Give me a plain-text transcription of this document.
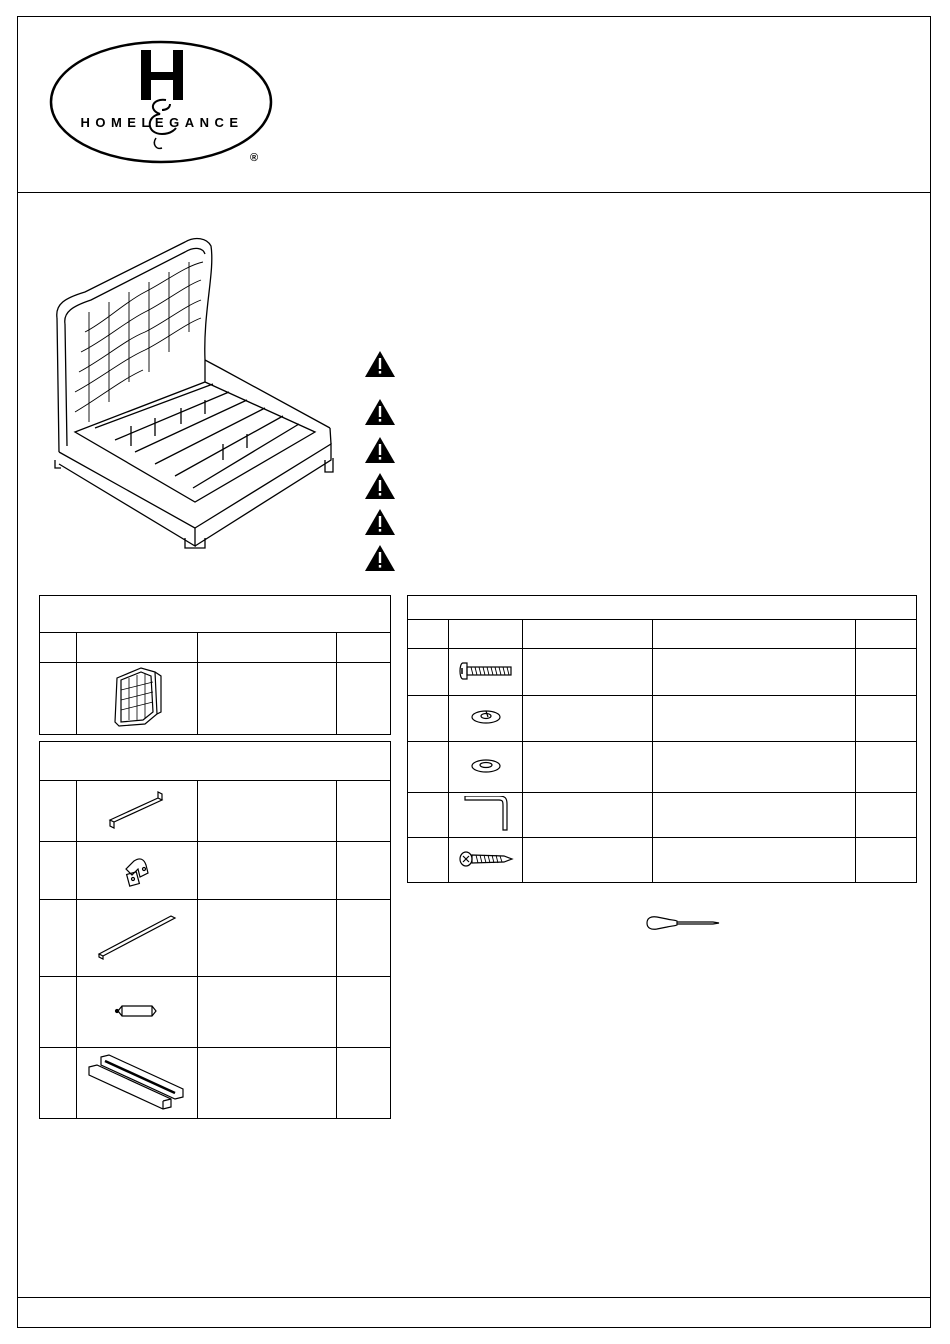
HOMELEGANCE
®
